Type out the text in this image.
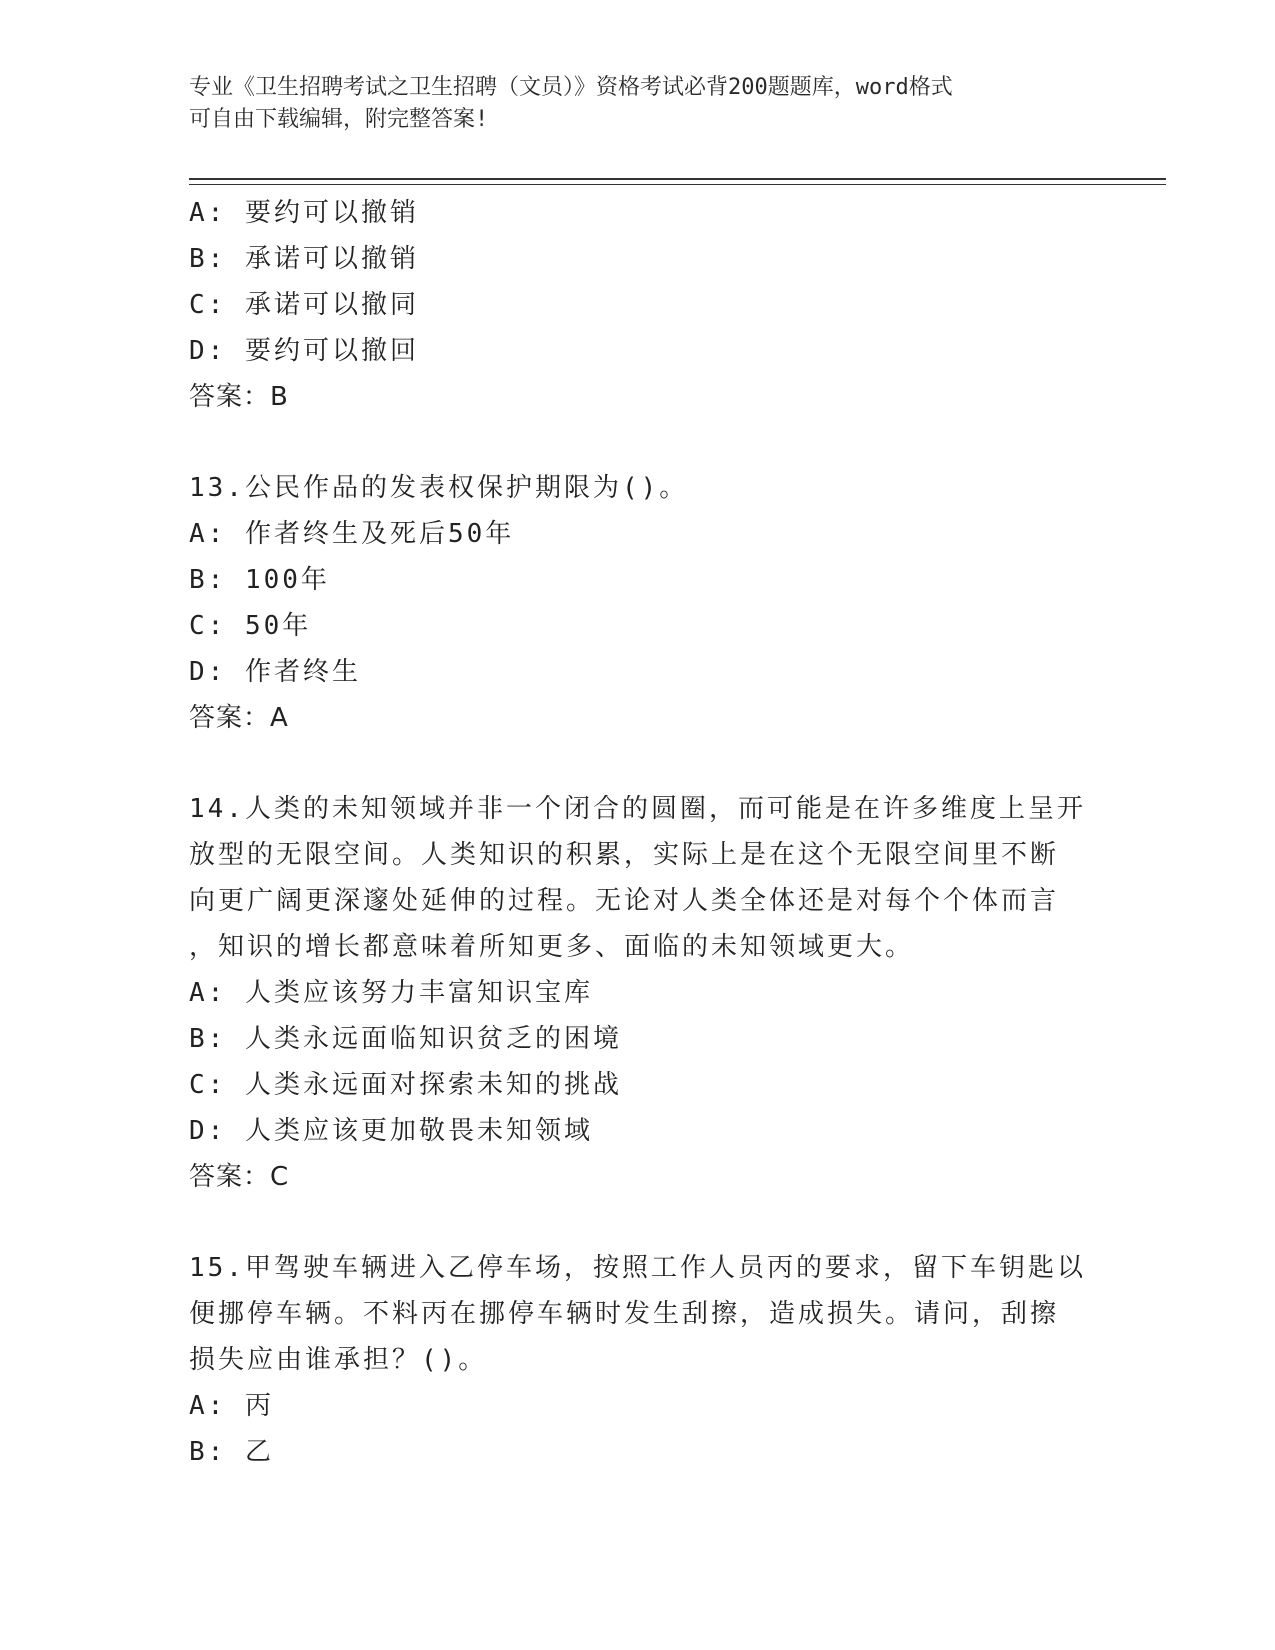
专业《卫生招聘考试之卫生招聘（文员）》资格考试必背200题题库，word格式
可自由下载编辑，附完整答案!
A: 要约可以撤销
B: 承诺可以撤销
C: 承诺可以撤同
D: 要约可以撤回
答案：B
13.公民作品的发表权保护期限为()。
A: 作者终生及死后50年
B: 100年
C: 50年
D: 作者终生
答案：A
14.人类的未知领域并非一个闭合的圆圈，而可能是在许多维度上呈开
放型的无限空间。人类知识的积累，实际上是在这个无限空间里不断
向更广阔更深邃处延伸的过程。无论对人类全体还是对每个个体而言
，知识的增长都意味着所知更多、面临的未知领域更大。
A: 人类应该努力丰富知识宝库
B: 人类永远面临知识贫乏的困境
C: 人类永远面对探索未知的挑战
D: 人类应该更加敬畏未知领域
答案：C
15.甲驾驶车辆进入乙停车场，按照工作人员丙的要求，留下车钥匙以
便挪停车辆。不料丙在挪停车辆时发生刮擦，造成损失。请问，刮擦
损失应由谁承担？()。
A: 丙
B: 乙
